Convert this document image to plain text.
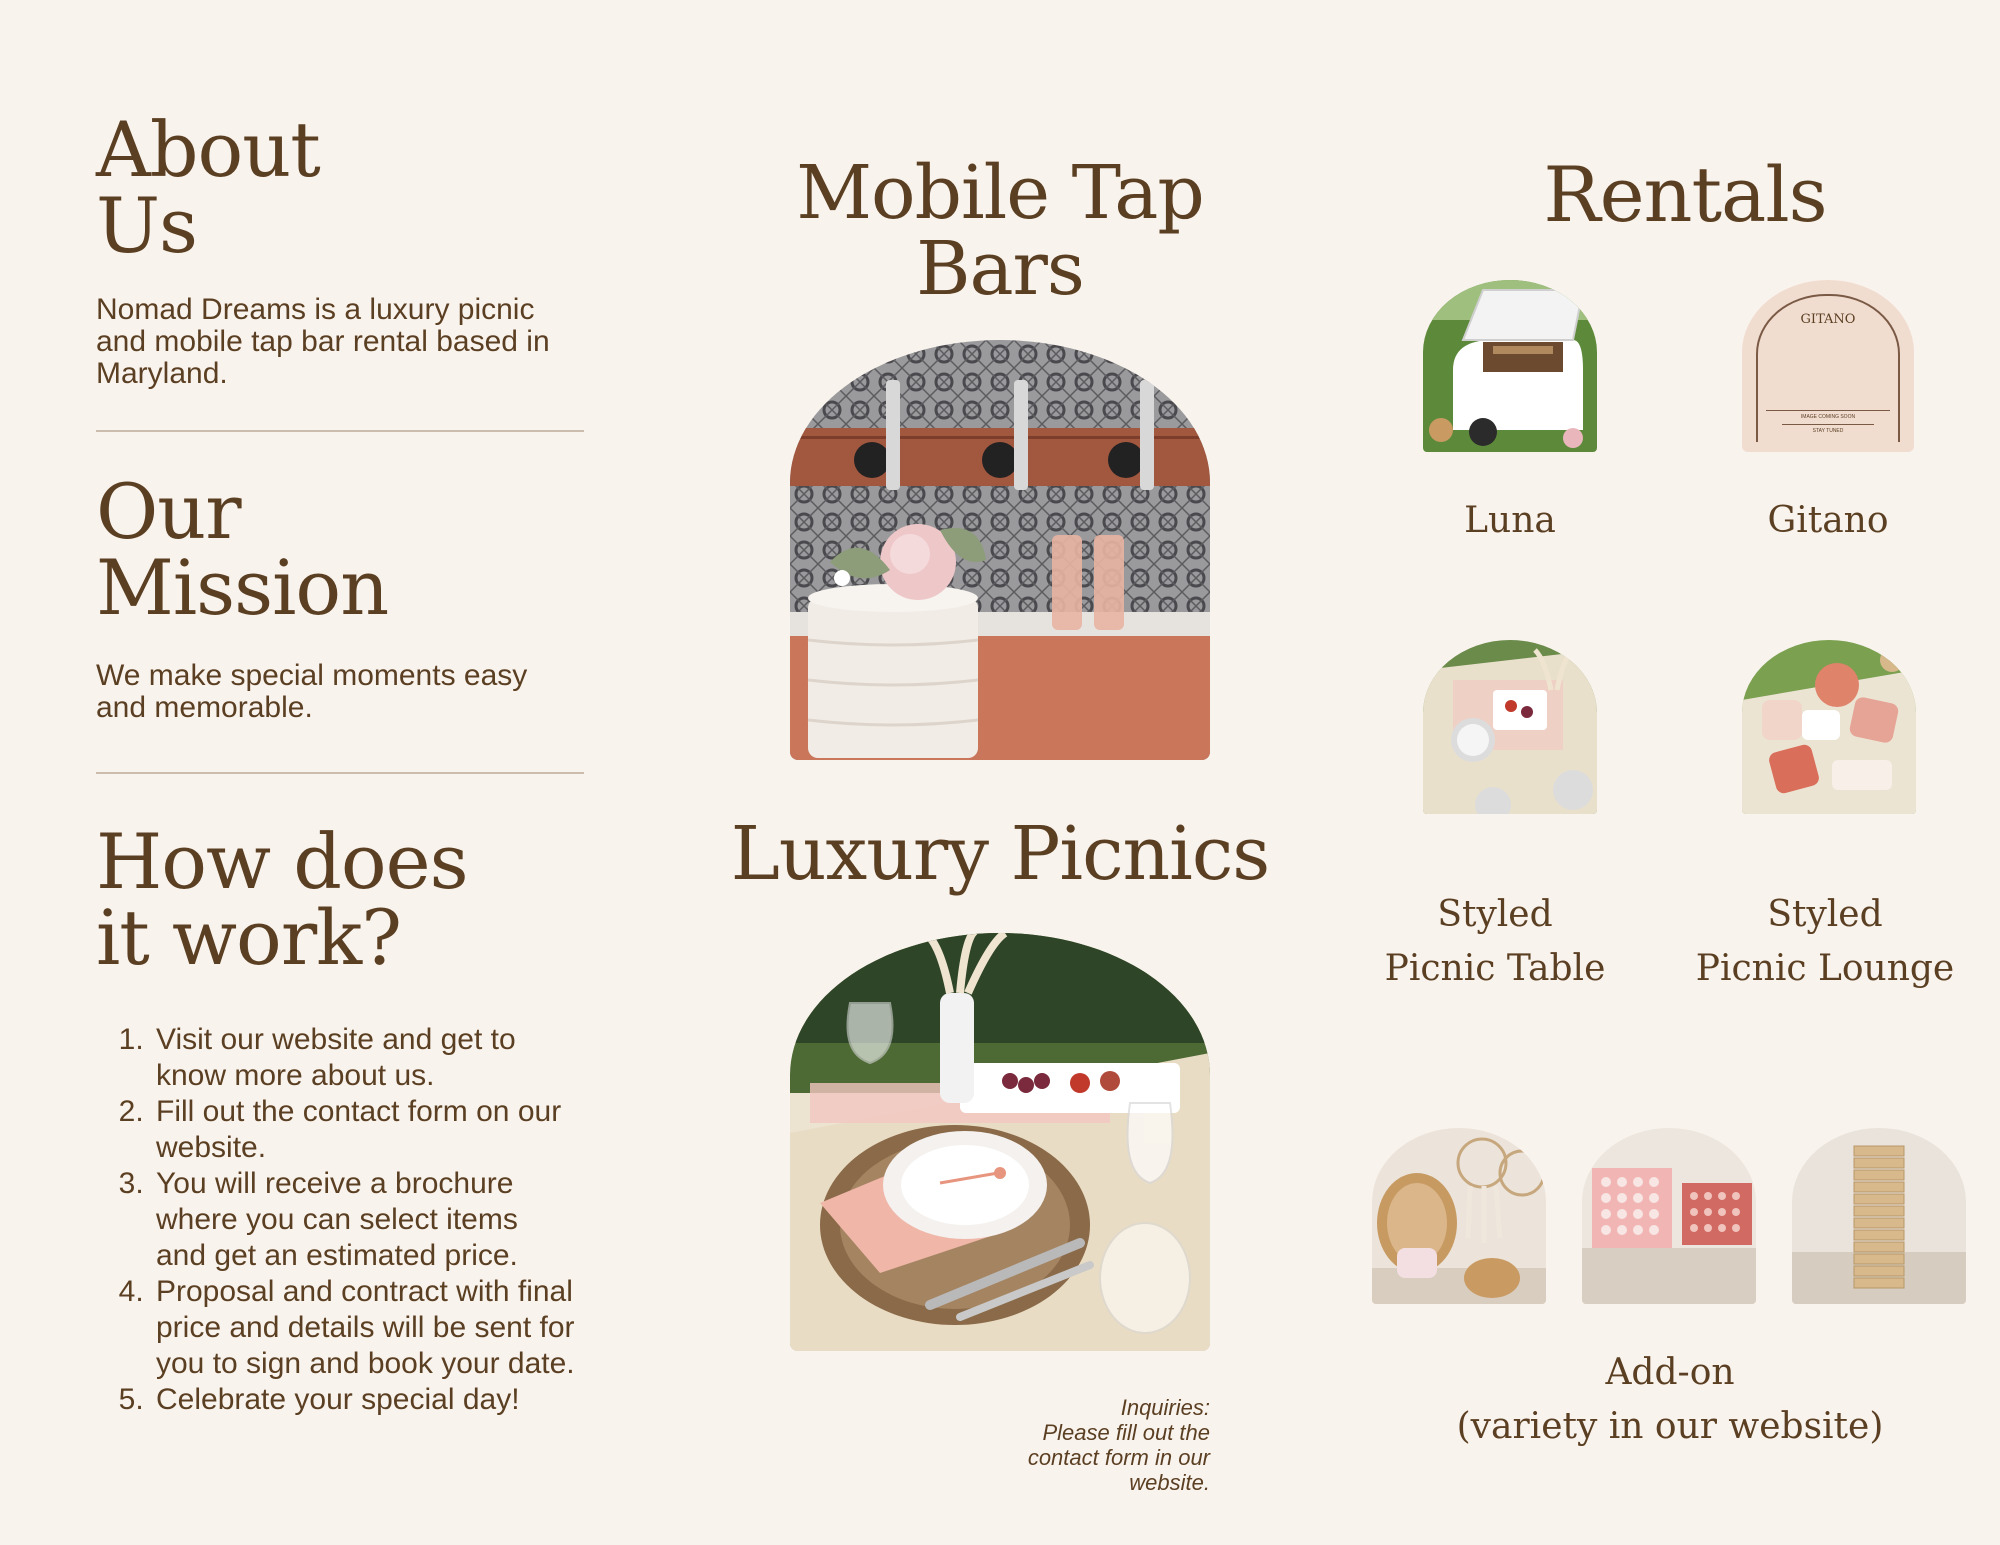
About
Us
Nomad Dreams is a luxury picnic and mobile tap bar rental based in Maryland.
Our
Mission
We make special moments easy and memorable.
How does
it work?
1. Visit our website and get to know more about us.
2. Fill out the contact form on our website.
3. You will receive a brochure where you can select items and get an estimated price.
4. Proposal and contract with final price and details will be sent for you to sign and book your date.
5. Celebrate your special day!
Mobile Tap
Bars
Luxury Picnics
Inquiries:
Please fill out the
contact form in our
website.
Rentals
GITANO
IMAGE COMING SOON
STAY TUNED
Luna	Gitano
Styled
Picnic Table
Styled
Picnic Lounge
Add-on
(variety in our website)
